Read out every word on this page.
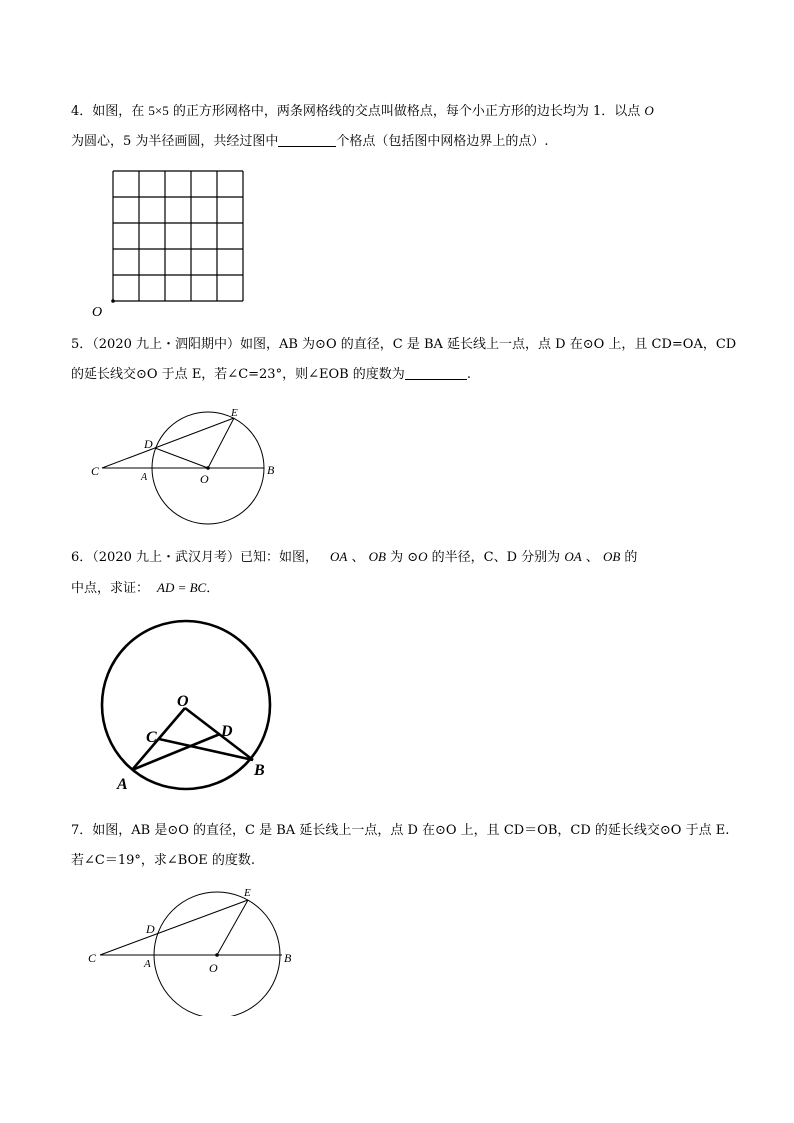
4．如图，在 5×5 的正方形网格中，两条网格线的交点叫做格点，每个小正方形的边长均为 1．以点 O
为圆心，5 为半径画圆，共经过图中	个格点（包括图中网格边界上的点）.
O
5．（2020 九上・泗阳期中）如图，AB 为⊙O 的直径，C 是 BA 延长线上一点，点 D 在⊙O 上，且 CD=OA，CD
的延长线交⊙O 于点 E，若∠C=23°，则∠EOB 的度数为	.
C	A	O
B
D
E
6．（2020 九上・武汉月考）已知：如图， OA 、 OB 为 ⊙O 的半径，C、D 分别为 OA 、 OB 的
中点，求证： AD = BC．
O
C	D
A
B
7．如图，AB 是⊙O 的直径，C 是 BA 延长线上一点，点 D 在⊙O 上，且 CD＝OB，CD 的延长线交⊙O 于点 E.
若∠C＝19°，求∠BOE 的度数.
C	A	O
B
D
E
